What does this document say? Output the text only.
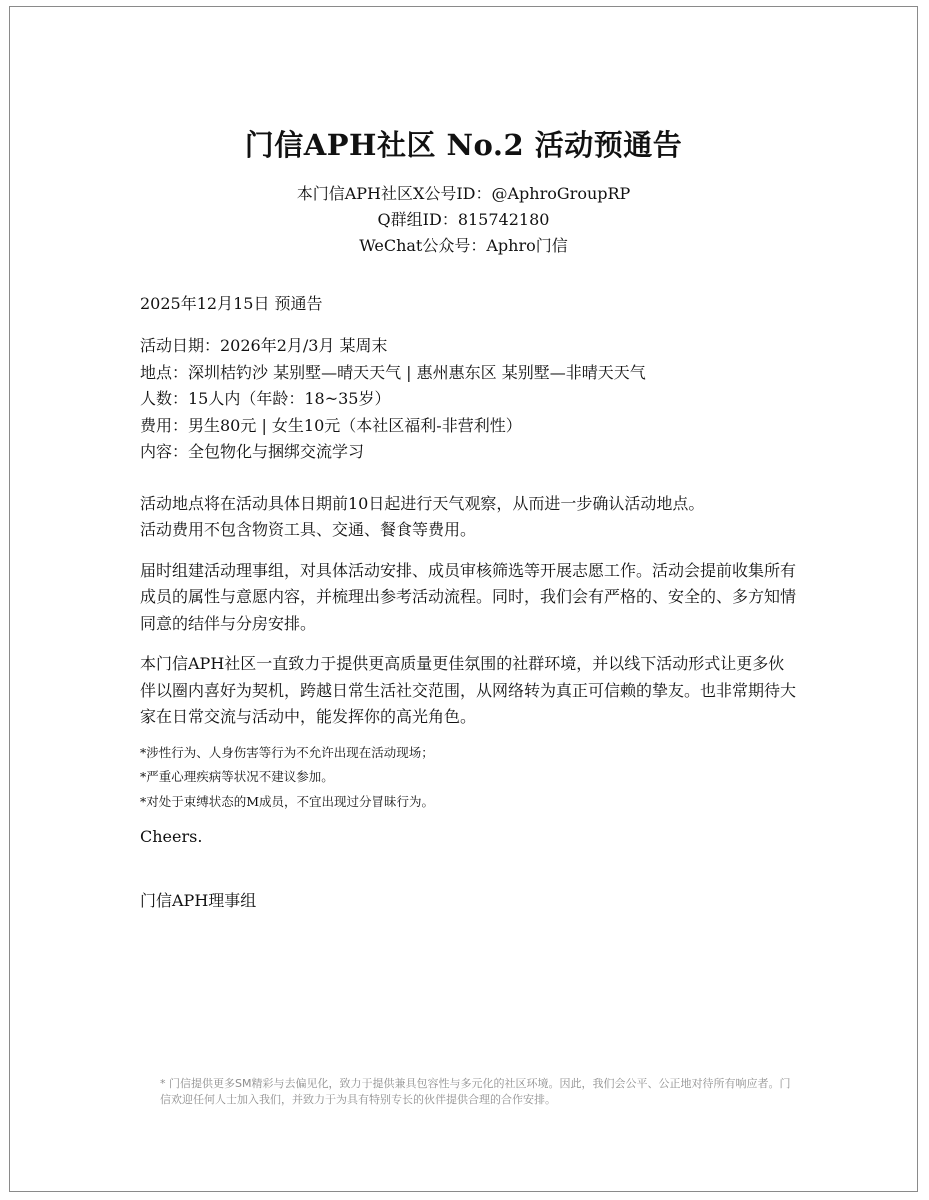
门信APH社区 No.2 活动预通告
本门信APH社区X公号ID：@AphroGroupRP
Q群组ID：815742180
WeChat公众号：Aphro门信
2025年12月15日 预通告
活动日期：2026年2月/3月 某周末
地点：深圳桔钓沙 某别墅—晴天天气 | 惠州惠东区 某别墅—非晴天天气
人数：15人内（年龄：18~35岁）
费用：男生80元 | 女生10元（本社区福利-非营利性）
内容：全包物化与捆绑交流学习

活动地点将在活动具体日期前10日起进行天气观察，从而进一步确认活动地点。

活动费用不包含物资工具、交通、餐食等费用。

届时组建活动理事组，对具体活动安排、成员审核筛选等开展志愿工作。活动会提前收集所有成员的属性与意愿内容，并梳理出参考活动流程。同时，我们会有严格的、安全的、多方知情同意的结伴与分房安排。

本门信APH社区一直致力于提供更高质量更佳氛围的社群环境，并以线下活动形式让更多伙伴以圈内喜好为契机，跨越日常生活社交范围，从网络转为真正可信赖的挚友。也非常期待大家在日常交流与活动中，能发挥你的高光角色。

*涉性行为、人身伤害等行为不允许出现在活动现场；
*严重心理疾病等状况不建议参加。
*对处于束缚状态的M成员，不宜出现过分冒昧行为。
Cheers.
门信APH理事组
* 门信提供更多SM精彩与去偏见化，致力于提供兼具包容性与多元化的社区环境。因此，我们会公平、公正地对待所有响应者。门信欢迎任何人士加入我们，并致力于为具有特别专长的伙伴提供合理的合作安排。
